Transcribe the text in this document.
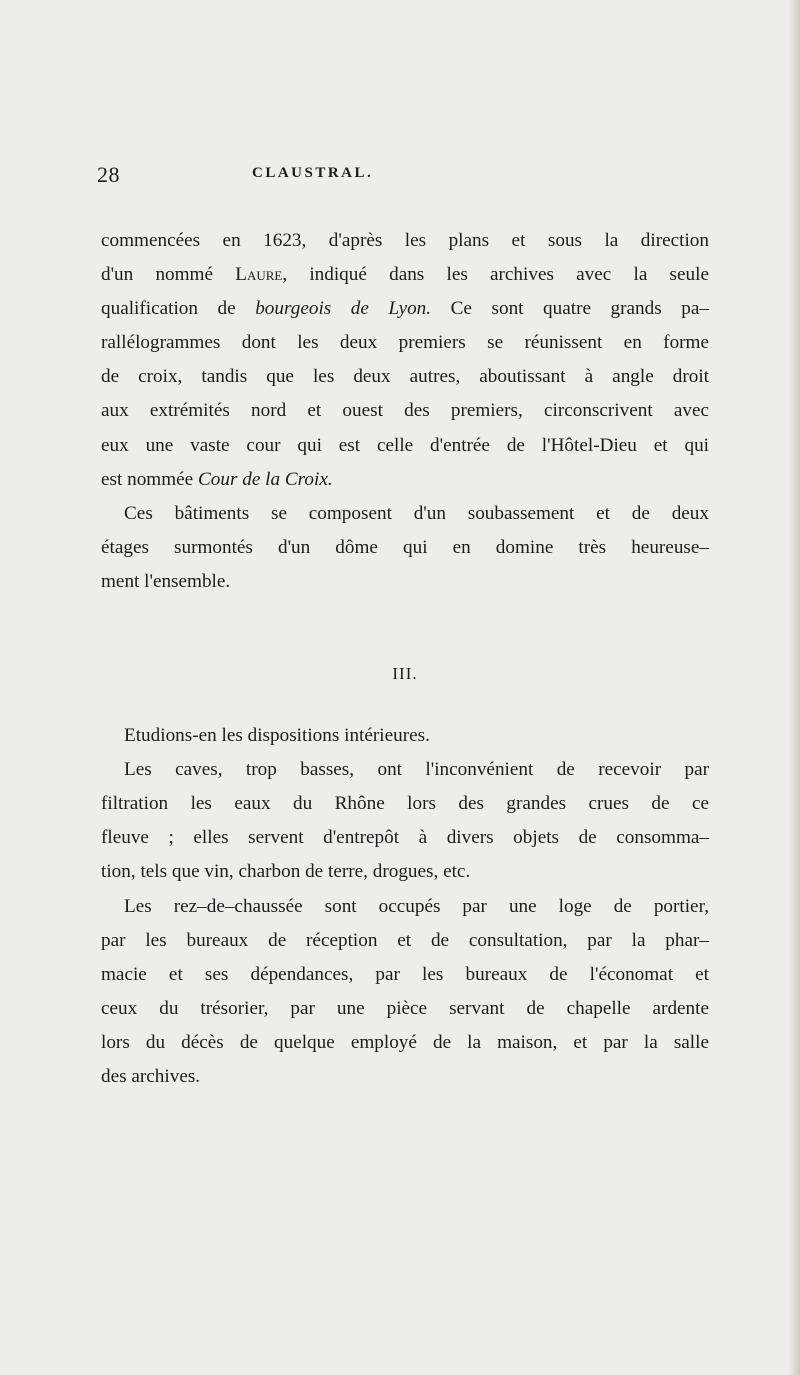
28	CLAUSTRAL.
commencées en 1623, d'après les plans et sous la direction
d'un nommé Laure, indiqué dans les archives avec la seule
qualification de bourgeois de Lyon. Ce sont quatre grands pa–
rallélogrammes dont les deux premiers se réunissent en forme
de croix, tandis que les deux autres, aboutissant à angle droit
aux extrémités nord et ouest des premiers, circonscrivent avec
eux une vaste cour qui est celle d'entrée de l'Hôtel-Dieu et qui
est nommée Cour de la Croix.
Ces bâtiments se composent d'un soubassement et de deux
étages surmontés d'un dôme qui en domine très heureuse–
ment l'ensemble.
III.
Etudions-en les dispositions intérieures.
Les caves, trop basses, ont l'inconvénient de recevoir par
filtration les eaux du Rhône lors des grandes crues de ce
fleuve ; elles servent d'entrepôt à divers objets de consomma–
tion, tels que vin, charbon de terre, drogues, etc.
Les rez–de–chaussée sont occupés par une loge de portier,
par les bureaux de réception et de consultation, par la phar–
macie et ses dépendances, par les bureaux de l'économat et
ceux du trésorier, par une pièce servant de chapelle ardente
lors du décès de quelque employé de la maison, et par la salle
des archives.
